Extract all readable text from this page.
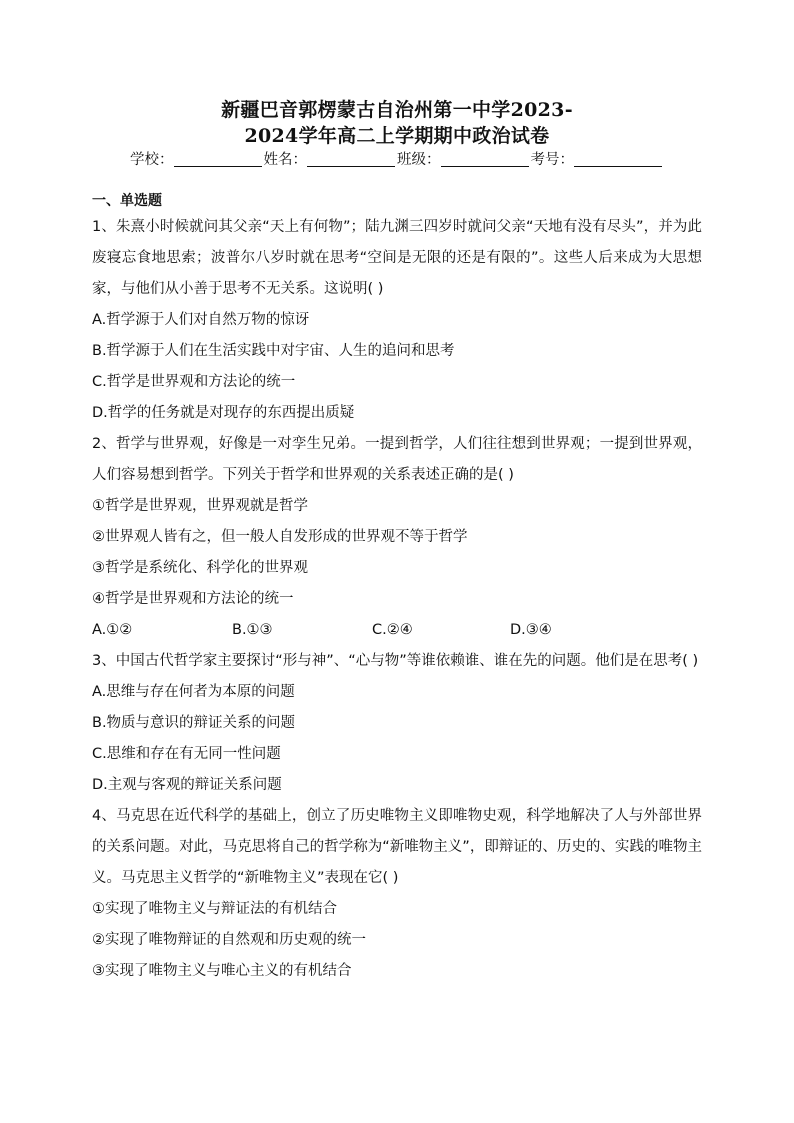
新疆巴音郭楞蒙古自治州第一中学2023-
2024学年高二上学期期中政治试卷
学校：	姓名：	班级：	考号：
一、单选题

1、朱熹小时候就问其父亲“天上有何物”；陆九渊三四岁时就问父亲“天地有没有尽头”，并为此废寝忘食地思索；波普尔八岁时就在思考“空间是无限的还是有限的”。这些人后来成为大思想家，与他们从小善于思考不无关系。这说明( )

A.哲学源于人们对自然万物的惊讶
B.哲学源于人们在生活实践中对宇宙、人生的追问和思考
C.哲学是世界观和方法论的统一
D.哲学的任务就是对现存的东西提出质疑

2、哲学与世界观，好像是一对孪生兄弟。一提到哲学，人们往往想到世界观；一提到世界观，人们容易想到哲学。下列关于哲学和世界观的关系表述正确的是( )

①哲学是世界观，世界观就是哲学
②世界观人皆有之，但一般人自发形成的世界观不等于哲学
③哲学是系统化、科学化的世界观
④哲学是世界观和方法论的统一
A.①②	B.①③	C.②④	D.③④

3、中国古代哲学家主要探讨“形与神”、“心与物”等谁依赖谁、谁在先的问题。他们是在思考( )

A.思维与存在何者为本原的问题
B.物质与意识的辩证关系的问题
C.思维和存在有无同一性问题
D.主观与客观的辩证关系问题

4、马克思在近代科学的基础上，创立了历史唯物主义即唯物史观，科学地解决了人与外部世界的关系问题。对此，马克思将自己的哲学称为“新唯物主义”，即辩证的、历史的、实践的唯物主义。马克思主义哲学的“新唯物主义”表现在它( )

①实现了唯物主义与辩证法的有机结合
②实现了唯物辩证的自然观和历史观的统一
③实现了唯物主义与唯心主义的有机结合
